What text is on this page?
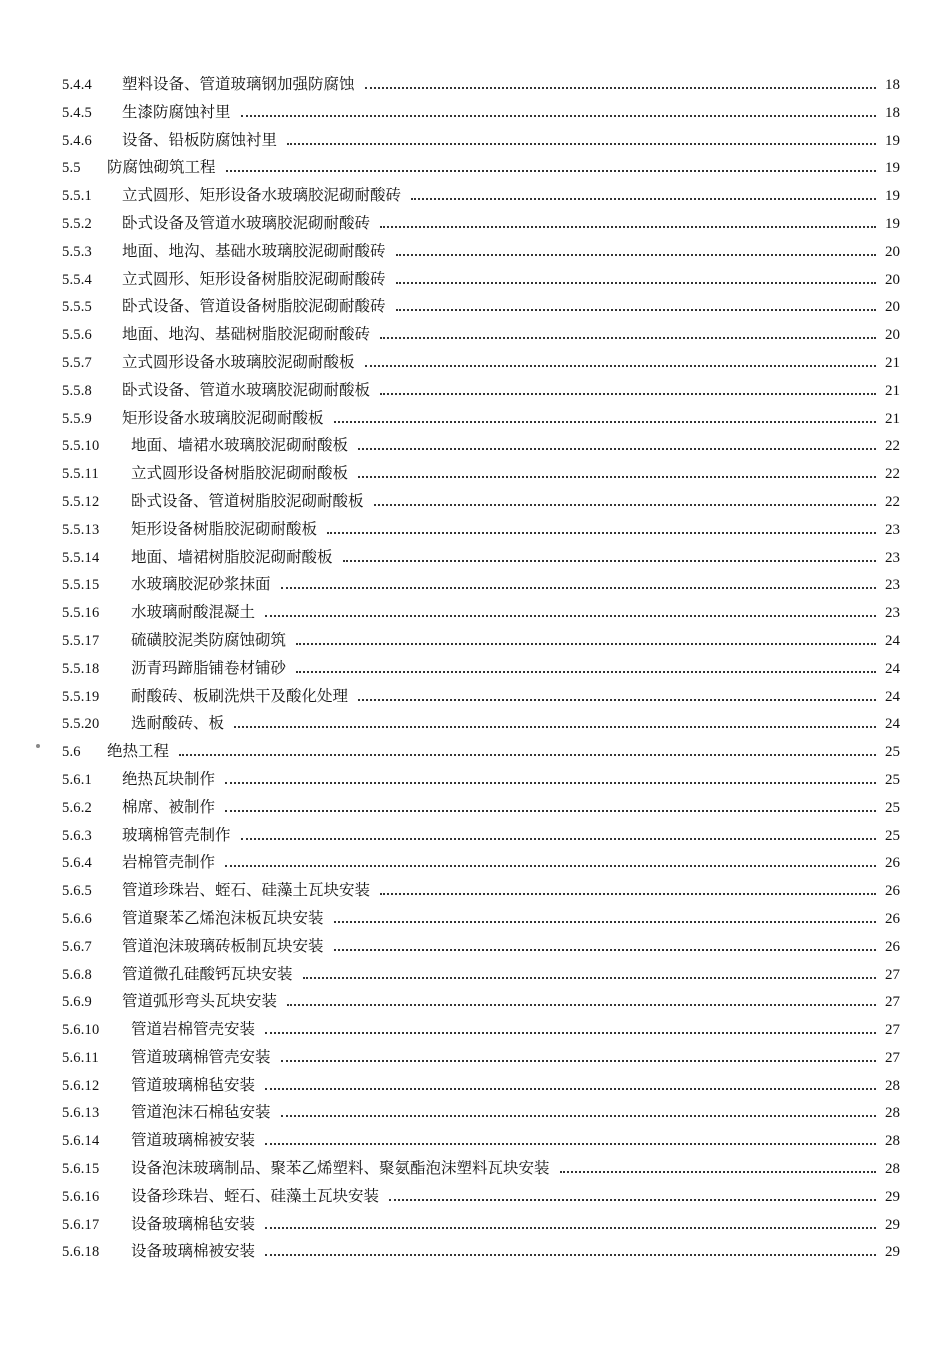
5.4.4	塑料设备、管道玻璃钢加强防腐蚀	18
5.4.5	生漆防腐蚀衬里	18
5.4.6	设备、铅板防腐蚀衬里	19
5.5	防腐蚀砌筑工程	19
5.5.1	立式圆形、矩形设备水玻璃胶泥砌耐酸砖	19
5.5.2	卧式设备及管道水玻璃胶泥砌耐酸砖	19
5.5.3	地面、地沟、基础水玻璃胶泥砌耐酸砖	20
5.5.4	立式圆形、矩形设备树脂胶泥砌耐酸砖	20
5.5.5	卧式设备、管道设备树脂胶泥砌耐酸砖	20
5.5.6	地面、地沟、基础树脂胶泥砌耐酸砖	20
5.5.7	立式圆形设备水玻璃胶泥砌耐酸板	21
5.5.8	卧式设备、管道水玻璃胶泥砌耐酸板	21
5.5.9	矩形设备水玻璃胶泥砌耐酸板	21
5.5.10	地面、墙裙水玻璃胶泥砌耐酸板	22
5.5.11	立式圆形设备树脂胶泥砌耐酸板	22
5.5.12	卧式设备、管道树脂胶泥砌耐酸板	22
5.5.13	矩形设备树脂胶泥砌耐酸板	23
5.5.14	地面、墙裙树脂胶泥砌耐酸板	23
5.5.15	水玻璃胶泥砂浆抹面	23
5.5.16	水玻璃耐酸混凝土	23
5.5.17	硫磺胶泥类防腐蚀砌筑	24
5.5.18	沥青玛蹄脂铺卷材铺砂	24
5.5.19	耐酸砖、板刷洗烘干及酸化处理	24
5.5.20	选耐酸砖、板	24
5.6	绝热工程	25
5.6.1	绝热瓦块制作	25
5.6.2	棉席、被制作	25
5.6.3	玻璃棉管壳制作	25
5.6.4	岩棉管壳制作	26
5.6.5	管道珍珠岩、蛭石、硅藻土瓦块安装	26
5.6.6	管道聚苯乙烯泡沫板瓦块安装	26
5.6.7	管道泡沫玻璃砖板制瓦块安装	26
5.6.8	管道微孔硅酸钙瓦块安装	27
5.6.9	管道弧形弯头瓦块安装	27
5.6.10	管道岩棉管壳安装	27
5.6.11	管道玻璃棉管壳安装	27
5.6.12	管道玻璃棉毡安装	28
5.6.13	管道泡沫石棉毡安装	28
5.6.14	管道玻璃棉被安装	28
5.6.15	设备泡沫玻璃制品、聚苯乙烯塑料、聚氨酯泡沫塑料瓦块安装	28
5.6.16	设备珍珠岩、蛭石、硅藻土瓦块安装	29
5.6.17	设备玻璃棉毡安装	29
5.6.18	设备玻璃棉被安装	29
